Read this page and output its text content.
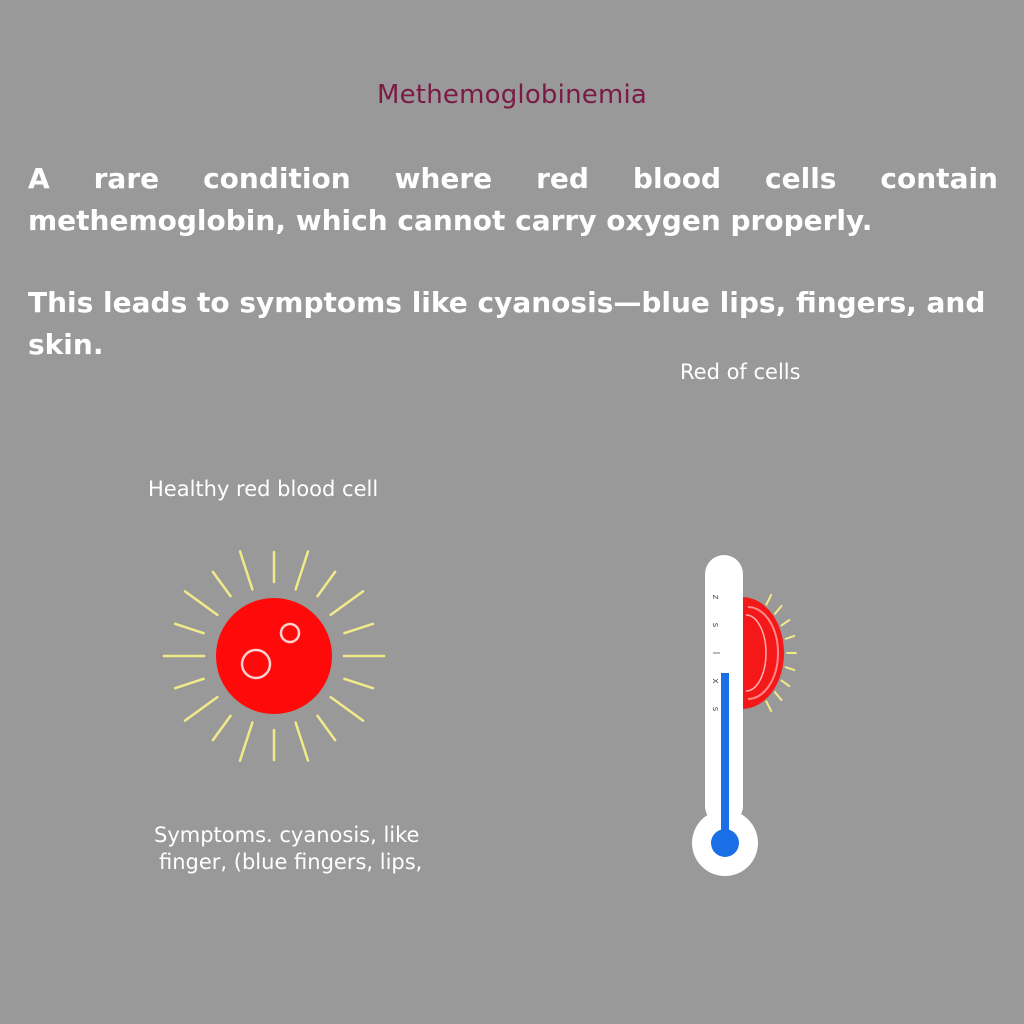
Methemoglobinemia
A rare condition where red blood cells contain methemoglobin, which cannot carry oxygen properly.
This leads to symptoms like cyanosis—blue lips, fingers, and skin.
Red of cells
Healthy red blood cell
Symptoms. cyanosis, like
finger, (blue fingers, lips,
z
s
l
x
s
